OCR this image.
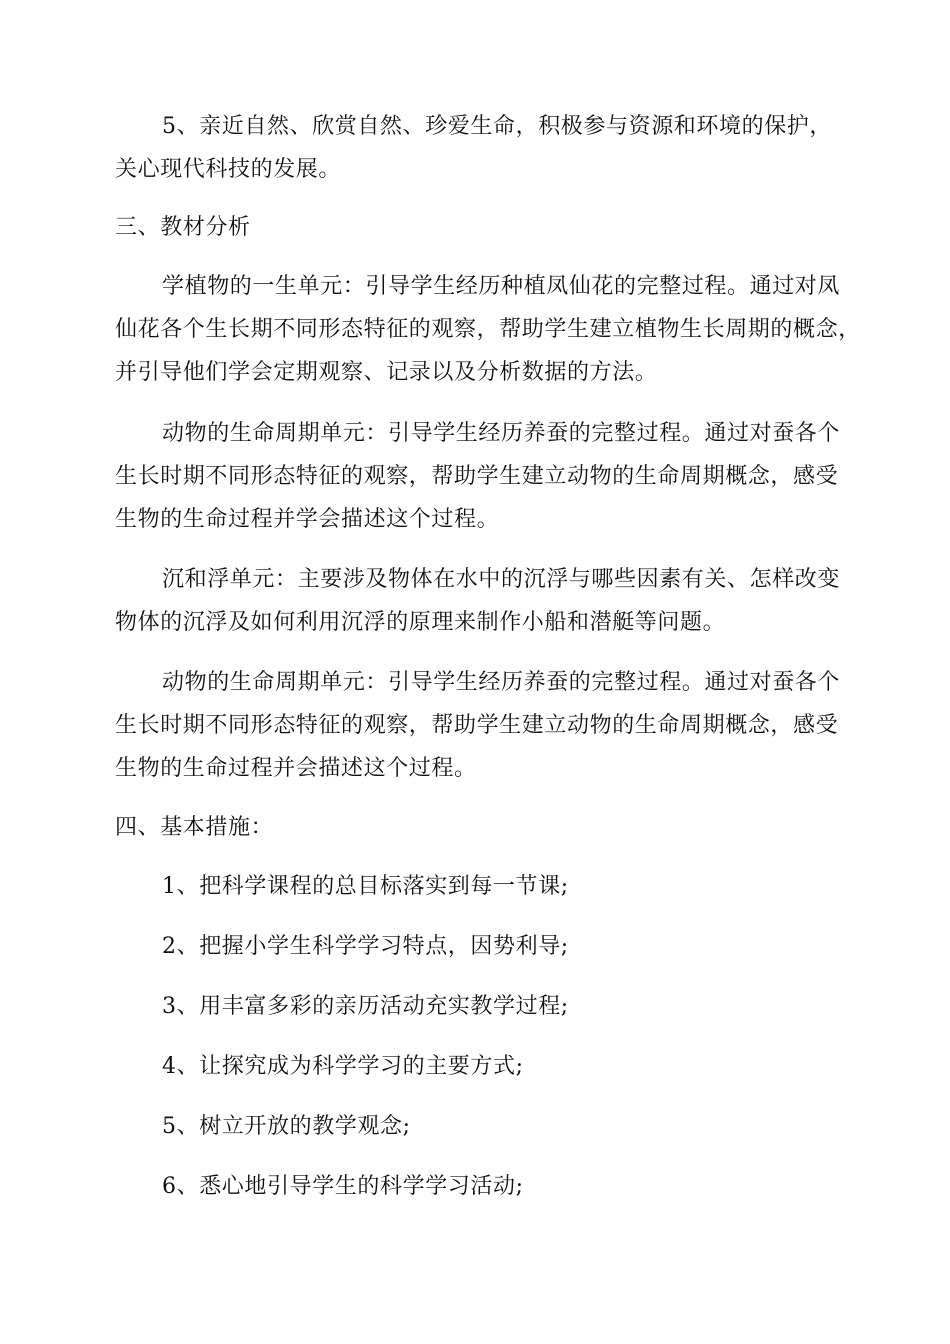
5、亲近自然、欣赏自然、珍爱生命，积极参与资源和环境的保护，
关心现代科技的发展。
三、教材分析
学植物的一生单元：引导学生经历种植凤仙花的完整过程。通过对凤
仙花各个生长期不同形态特征的观察，帮助学生建立植物生长周期的概念，
并引导他们学会定期观察、记录以及分析数据的方法。
动物的生命周期单元：引导学生经历养蚕的完整过程。通过对蚕各个
生长时期不同形态特征的观察，帮助学生建立动物的生命周期概念，感受
生物的生命过程并学会描述这个过程。
沉和浮单元：主要涉及物体在水中的沉浮与哪些因素有关、怎样改变
物体的沉浮及如何利用沉浮的原理来制作小船和潜艇等问题。
动物的生命周期单元：引导学生经历养蚕的完整过程。通过对蚕各个
生长时期不同形态特征的观察，帮助学生建立动物的生命周期概念，感受
生物的生命过程并会描述这个过程。
四、基本措施：
1、把科学课程的总目标落实到每一节课;
2、把握小学生科学学习特点，因势利导;
3、用丰富多彩的亲历活动充实教学过程;
4、让探究成为科学学习的主要方式;
5、树立开放的教学观念;
6、悉心地引导学生的科学学习活动;
